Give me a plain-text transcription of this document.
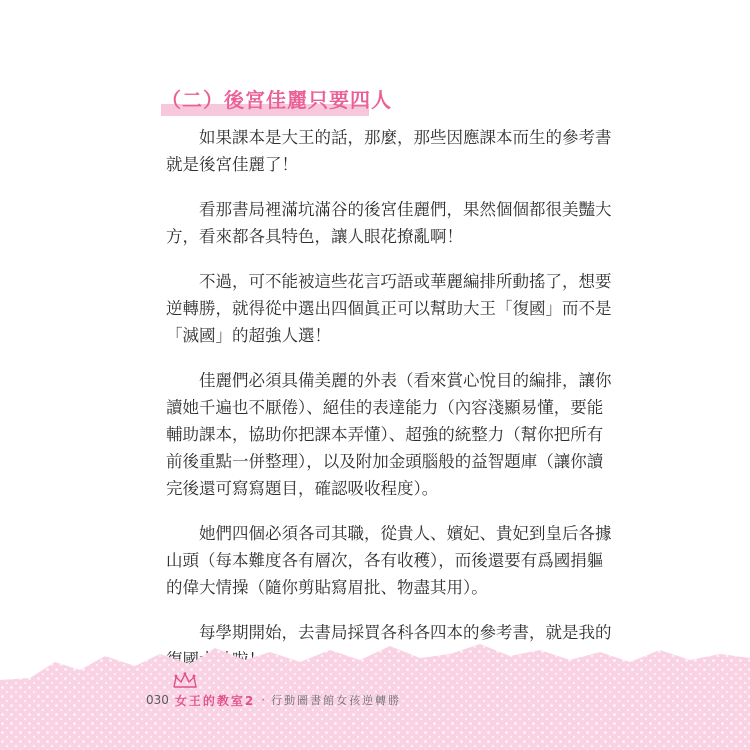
（二）後宮佳麗只要四人

如果課本是大王的話，那麼，那些因應課本而生的參考書
就是後宮佳麗了！

看那書局裡滿坑滿谷的後宮佳麗們，果然個個都很美豔大
方，看來都各具特色，讓人眼花撩亂啊！

不過，可不能被這些花言巧語或華麗編排所動搖了，想要
逆轉勝，就得從中選出四個眞正可以幫助大王「復國」而不是
「滅國」的超強人選！

佳麗們必須具備美麗的外表（看來賞心悅目的編排，讓你
讀她千遍也不厭倦）、絕佳的表達能力（內容淺顯易懂，要能
輔助課本，協助你把課本弄懂）、超強的統整力（幫你把所有
前後重點一併整理），以及附加金頭腦般的益智題庫（讓你讀
完後還可寫寫題目，確認吸收程度）。

她們四個必須各司其職，從貴人、嬪妃、貴妃到皇后各據
山頭（每本難度各有層次，各有收穫），而後還要有爲國捐軀
的偉大情操（隨你剪貼寫眉批、物盡其用）。

每學期開始，去書局採買各科各四本的參考書，就是我的

030 女王的教室2 · 行動圖書館女孩逆轉勝
